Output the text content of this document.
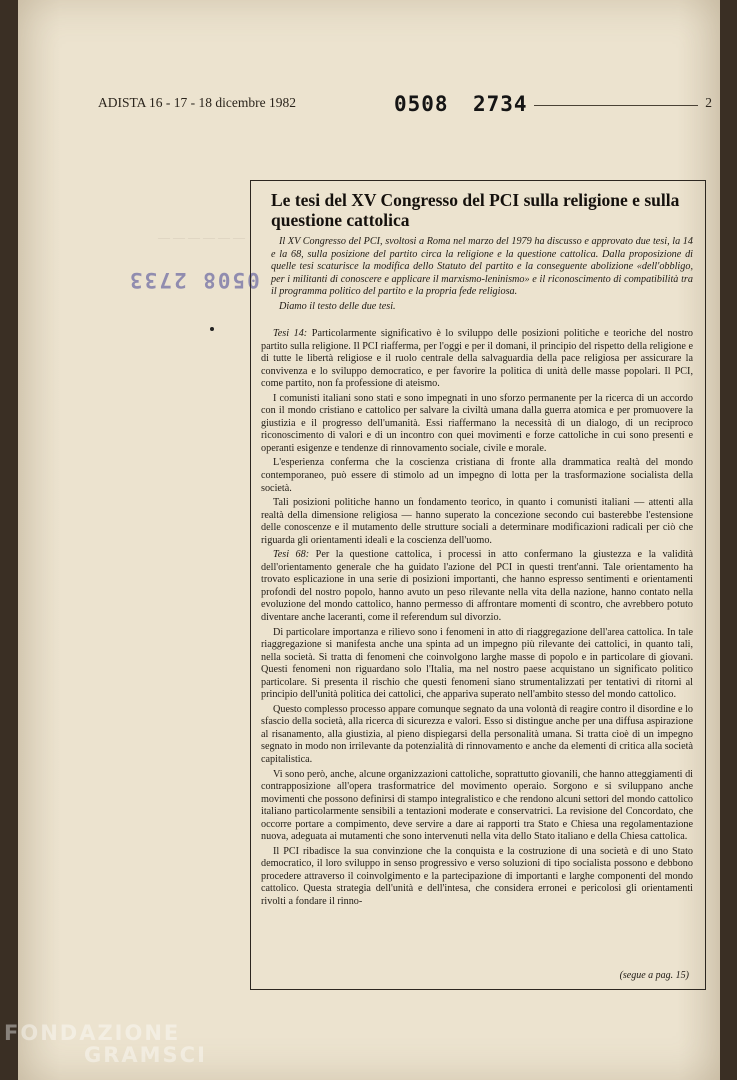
— — — — — —
ADISTA 16 - 17 - 18 dicembre 1982	0508 2734	2
0508 2733
Le tesi del XV Congresso del PCI sulla religione e sulla questione cattolica
Il XV Congresso del PCI, svoltosi a Roma nel marzo del 1979 ha discusso e approvato due tesi, la 14 e la 68, sulla posizione del partito circa la religione e la questione cattolica. Dalla proposizione di quelle tesi scaturisce la modifica dello Statuto del partito e la conseguente abolizione «dell'obbligo, per i militanti di conoscere e applicare il marxismo-leninismo» e il riconoscimento di compatibilità tra il programma politico del partito e la propria fede religiosa.
Diamo il testo delle due tesi.

Tesi 14: Particolarmente significativo è lo sviluppo delle posizioni politiche e teoriche del nostro partito sulla religione. Il PCI riafferma, per l'oggi e per il domani, il principio del rispetto della religione e di tutte le libertà religiose e il ruolo centrale della salvaguardia della pace religiosa per assicurare la convivenza e lo sviluppo democratico, e per favorire la politica di unità delle masse popolari. Il PCI, come partito, non fa professione di ateismo.

I comunisti italiani sono stati e sono impegnati in uno sforzo permanente per la ricerca di un accordo con il mondo cristiano e cattolico per salvare la civiltà umana dalla guerra atomica e per promuovere la giustizia e il progresso dell'umanità. Essi riaffermano la necessità di un dialogo, di un reciproco riconoscimento di valori e di un incontro con quei movimenti e forze cattoliche in cui sono presenti e operanti esigenze e tendenze di rinnovamento sociale, civile e morale.

L'esperienza conferma che la coscienza cristiana di fronte alla drammatica realtà del mondo contemporaneo, può essere di stimolo ad un impegno di lotta per la trasformazione socialista della società.

Tali posizioni politiche hanno un fondamento teorico, in quanto i comunisti italiani — attenti alla realtà della dimensione religiosa — hanno superato la concezione secondo cui basterebbe l'estensione delle conoscenze e il mutamento delle strutture sociali a determinare modificazioni radicali per ciò che riguarda gli orientamenti ideali e la coscienza dell'uomo.

Tesi 68: Per la questione cattolica, i processi in atto confermano la giustezza e la validità dell'orientamento generale che ha guidato l'azione del PCI in questi trent'anni. Tale orientamento ha trovato esplicazione in una serie di posizioni importanti, che hanno espresso sentimenti e orientamenti profondi del nostro popolo, hanno avuto un peso rilevante nella vita della nazione, hanno contato nella evoluzione del mondo cattolico, hanno permesso di affrontare momenti di scontro, che avrebbero potuto diventare anche laceranti, come il referendum sul divorzio.

Di particolare importanza e rilievo sono i fenomeni in atto di riaggregazione dell'area cattolica. In tale riaggregazione si manifesta anche una spinta ad un impegno più rilevante dei cattolici, in quanto tali, nella società. Si tratta di fenomeni che coinvolgono larghe masse di popolo e in particolare di giovani. Questi fenomeni non riguardano solo l'Italia, ma nel nostro paese acquistano un significato politico particolare. Si presenta il rischio che questi fenomeni siano strumentalizzati per tentativi di ritorni al principio dell'unità politica dei cattolici, che appariva superato nell'ambito stesso del mondo cattolico.

Questo complesso processo appare comunque segnato da una volontà di reagire contro il disordine e lo sfascio della società, alla ricerca di sicurezza e valori. Esso si distingue anche per una diffusa aspirazione al risanamento, alla giustizia, al pieno dispiegarsi della personalità umana. Si tratta cioè di un impegno segnato in modo non irrilevante da potenzialità di rinnovamento e anche da elementi di critica alla società capitalistica.

Vi sono però, anche, alcune organizzazioni cattoliche, soprattutto giovanili, che hanno atteggiamenti di contrapposizione all'opera trasformatrice del movimento operaio. Sorgono e si sviluppano anche movimenti che possono definirsi di stampo integralistico e che rendono alcuni settori del mondo cattolico italiano particolarmente sensibili a tentazioni moderate e conservatrici. La revisione del Concordato, che occorre portare a compimento, deve servire a dare ai rapporti tra Stato e Chiesa una regolamentazione nuova, adeguata ai mutamenti che sono intervenuti nella vita dello Stato italiano e della Chiesa cattolica.

Il PCI ribadisce la sua convinzione che la conquista e la costruzione di una società e di uno Stato democratico, il loro sviluppo in senso progressivo e verso soluzioni di tipo socialista possono e debbono procedere attraverso il coinvolgimento e la partecipazione di importanti e larghe componenti del mondo cattolico. Questa strategia dell'unità e dell'intesa, che considera erronei e pericolosi gli orientamenti rivolti a fondare il rinno-

(segue a pag. 15)
FONDAZIONE
GRAMSCI
